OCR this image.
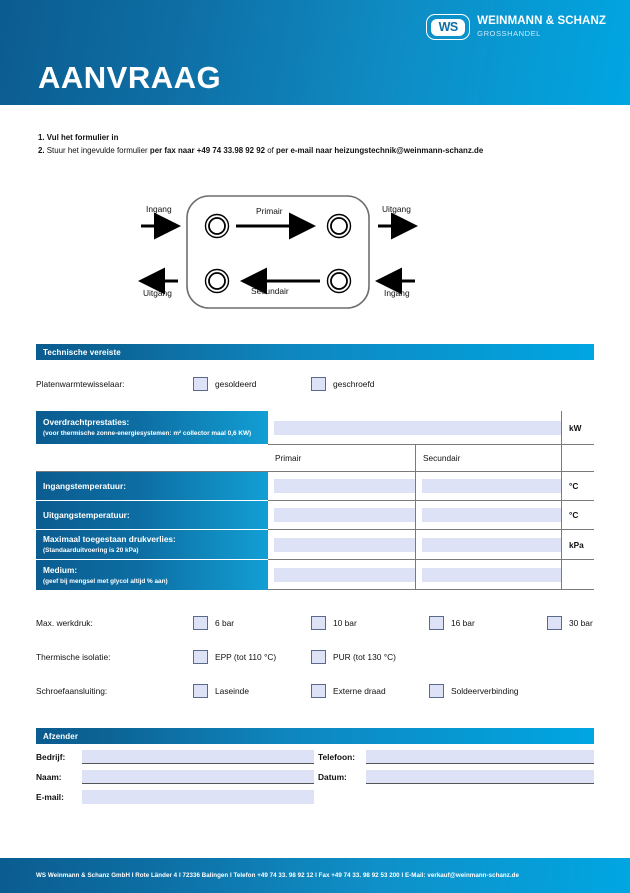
WS WEINMANN & SCHANZ
GROSSHANDEL
AANVRAAG
1. Vul het formulier in
2. Stuur het ingevulde formulier per fax naar +49 74 33.98 92 92 of per e-mail naar heizungstechnik@weinmann-schanz.de
Ingang
Uitgang
Uitgang
Ingang
Primair
Secundair
Technische vereiste
Platenwarmtewisselaar:	gesoldeerd	geschroefd
Overdrachtprestaties:
(voor thermische zonne-energiesystemen: m² collector maal 0,6 KW)
kW
Primair	Secundair
Ingangstemperatuur:	°C
Uitgangstemperatuur:	°C
Maximaal toegestaan drukverlies:
(Standaarduitvoering is 20 kPa)
kPa
Medium:
(geef bij mengsel met glycol altijd % aan)
Max. werkdruk:	6 bar	10 bar	16 bar	30 bar
Thermische isolatie:	EPP (tot 110 °C)	PUR (tot 130 °C)
Schroefaansluiting:	Laseinde	Externe draad	Soldeerverbinding
Afzender
Bedrijf:
Naam:
E-mail:
Telefoon:
Datum:
WS Weinmann & Schanz GmbH I Rote Länder 4 I 72336 Balingen I Telefon +49 74 33. 98 92 12 I Fax +49 74 33. 98 92 53 200 I E-Mail: verkauf@weinmann-schanz.de
